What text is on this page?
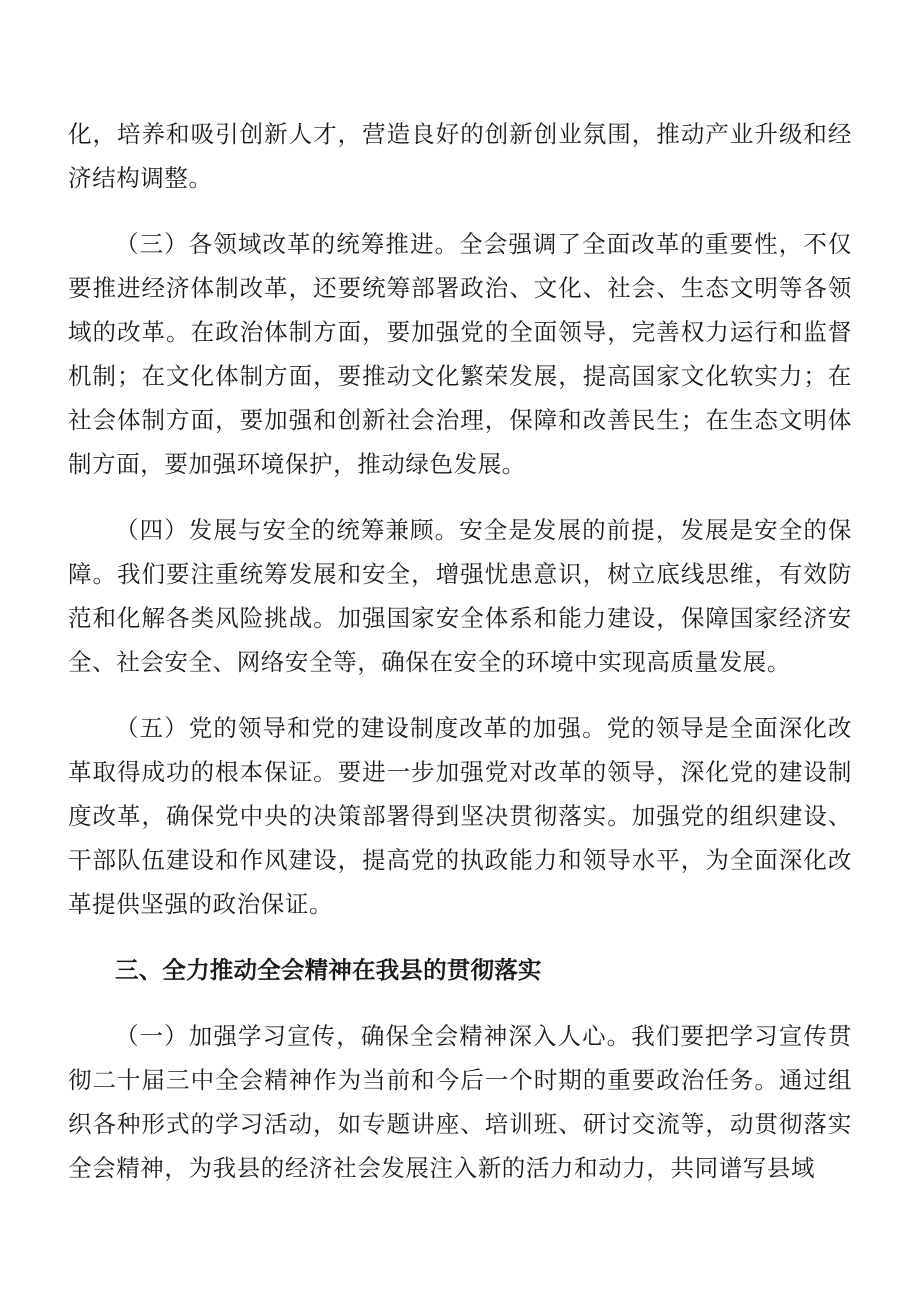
化，培养和吸引创新人才，营造良好的创新创业氛围，推动产业升级和经济结构调整。

（三）各领域改革的统筹推进。全会强调了全面改革的重要性，不仅要推进经济体制改革，还要统筹部署政治、文化、社会、生态文明等各领域的改革。在政治体制方面，要加强党的全面领导，完善权力运行和监督机制；在文化体制方面，要推动文化繁荣发展，提高国家文化软实力；在社会体制方面，要加强和创新社会治理，保障和改善民生；在生态文明体制方面，要加强环境保护，推动绿色发展。

（四）发展与安全的统筹兼顾。安全是发展的前提，发展是安全的保障。我们要注重统筹发展和安全，增强忧患意识，树立底线思维，有效防范和化解各类风险挑战。加强国家安全体系和能力建设，保障国家经济安全、社会安全、网络安全等，确保在安全的环境中实现高质量发展。

（五）党的领导和党的建设制度改革的加强。党的领导是全面深化改革取得成功的根本保证。要进一步加强党对改革的领导，深化党的建设制度改革，确保党中央的决策部署得到坚决贯彻落实。加强党的组织建设、干部队伍建设和作风建设，提高党的执政能力和领导水平，为全面深化改革提供坚强的政治保证。

三、全力推动全会精神在我县的贯彻落实

（一）加强学习宣传，确保全会精神深入人心。我们要把学习宣传贯彻二十届三中全会精神作为当前和今后一个时期的重要政治任务。通过组织各种形式的学习活动，如专题讲座、培训班、研讨交流等，动贯彻落实全会精神，为我县的经济社会发展注入新的活力和动力，共同谱写县域
